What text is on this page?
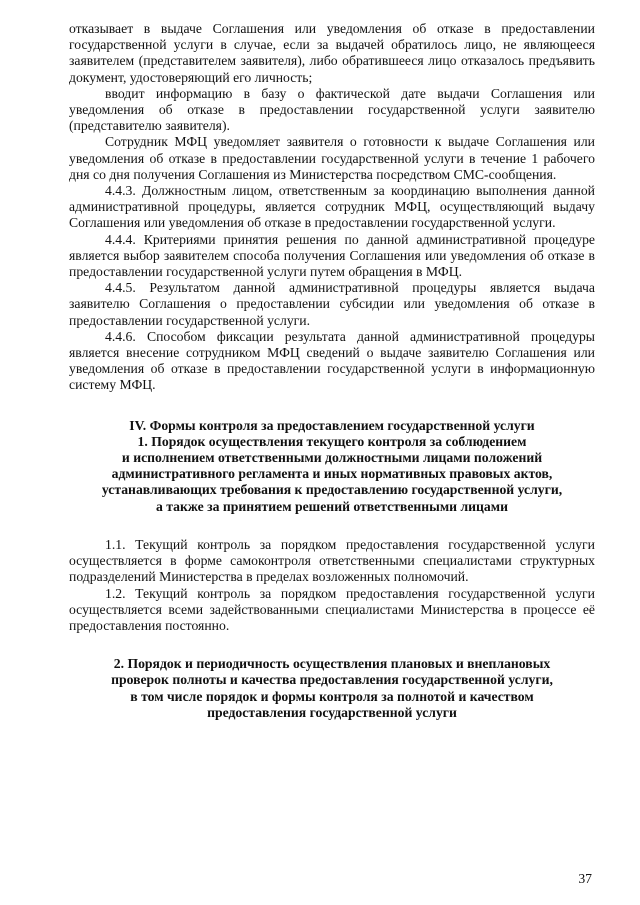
отказывает в выдаче Соглашения или уведомления об отказе в предоставлении государственной услуги в случае, если за выдачей обратилось лицо, не являющееся заявителем (представителем заявителя), либо обратившееся лицо отказалось предъявить документ, удостоверяющий его личность;

вводит информацию в базу о фактической дате выдачи Соглашения или уведомления об отказе в предоставлении государственной услуги заявителю (представителю заявителя).

Сотрудник МФЦ уведомляет заявителя о готовности к выдаче Соглашения или уведомления об отказе в предоставлении государственной услуги в течение 1 рабочего дня со дня получения Соглашения из Министерства посредством СМС-сообщения.

4.4.3. Должностным лицом, ответственным за координацию выполнения данной административной процедуры, является сотрудник МФЦ, осуществляющий выдачу Соглашения или уведомления об отказе в предоставлении государственной услуги.

4.4.4. Критериями принятия решения по данной административной процедуре является выбор заявителем способа получения Соглашения или уведомления об отказе в предоставлении государственной услуги путем обращения в МФЦ.

4.4.5. Результатом данной административной процедуры является выдача заявителю Соглашения о предоставлении субсидии или уведомления об отказе в предоставлении государственной услуги.

4.4.6. Способом фиксации результата данной административной процедуры является внесение сотрудником МФЦ сведений о выдаче заявителю Соглашения или уведомления об отказе в предоставлении государственной услуги в информационную систему МФЦ.

IV. Формы контроля за предоставлением государственной услуги

1. Порядок осуществления текущего контроля за соблюдением

и исполнением ответственными должностными лицами положений

административного регламента и иных нормативных правовых актов,

устанавливающих требования к предоставлению государственной услуги,

а также за принятием решений ответственными лицами

1.1. Текущий контроль за порядком предоставления государственной услуги осуществляется в форме самоконтроля ответственными специалистами структурных подразделений Министерства в пределах возложенных полномочий.

1.2. Текущий контроль за порядком предоставления государственной услуги осуществляется всеми задействованными специалистами Министерства в процессе её предоставления постоянно.

2. Порядок и периодичность осуществления плановых и внеплановых

проверок полноты и качества предоставления государственной услуги,

в том числе порядок и формы контроля за полнотой и качеством

предоставления государственной услуги

37
